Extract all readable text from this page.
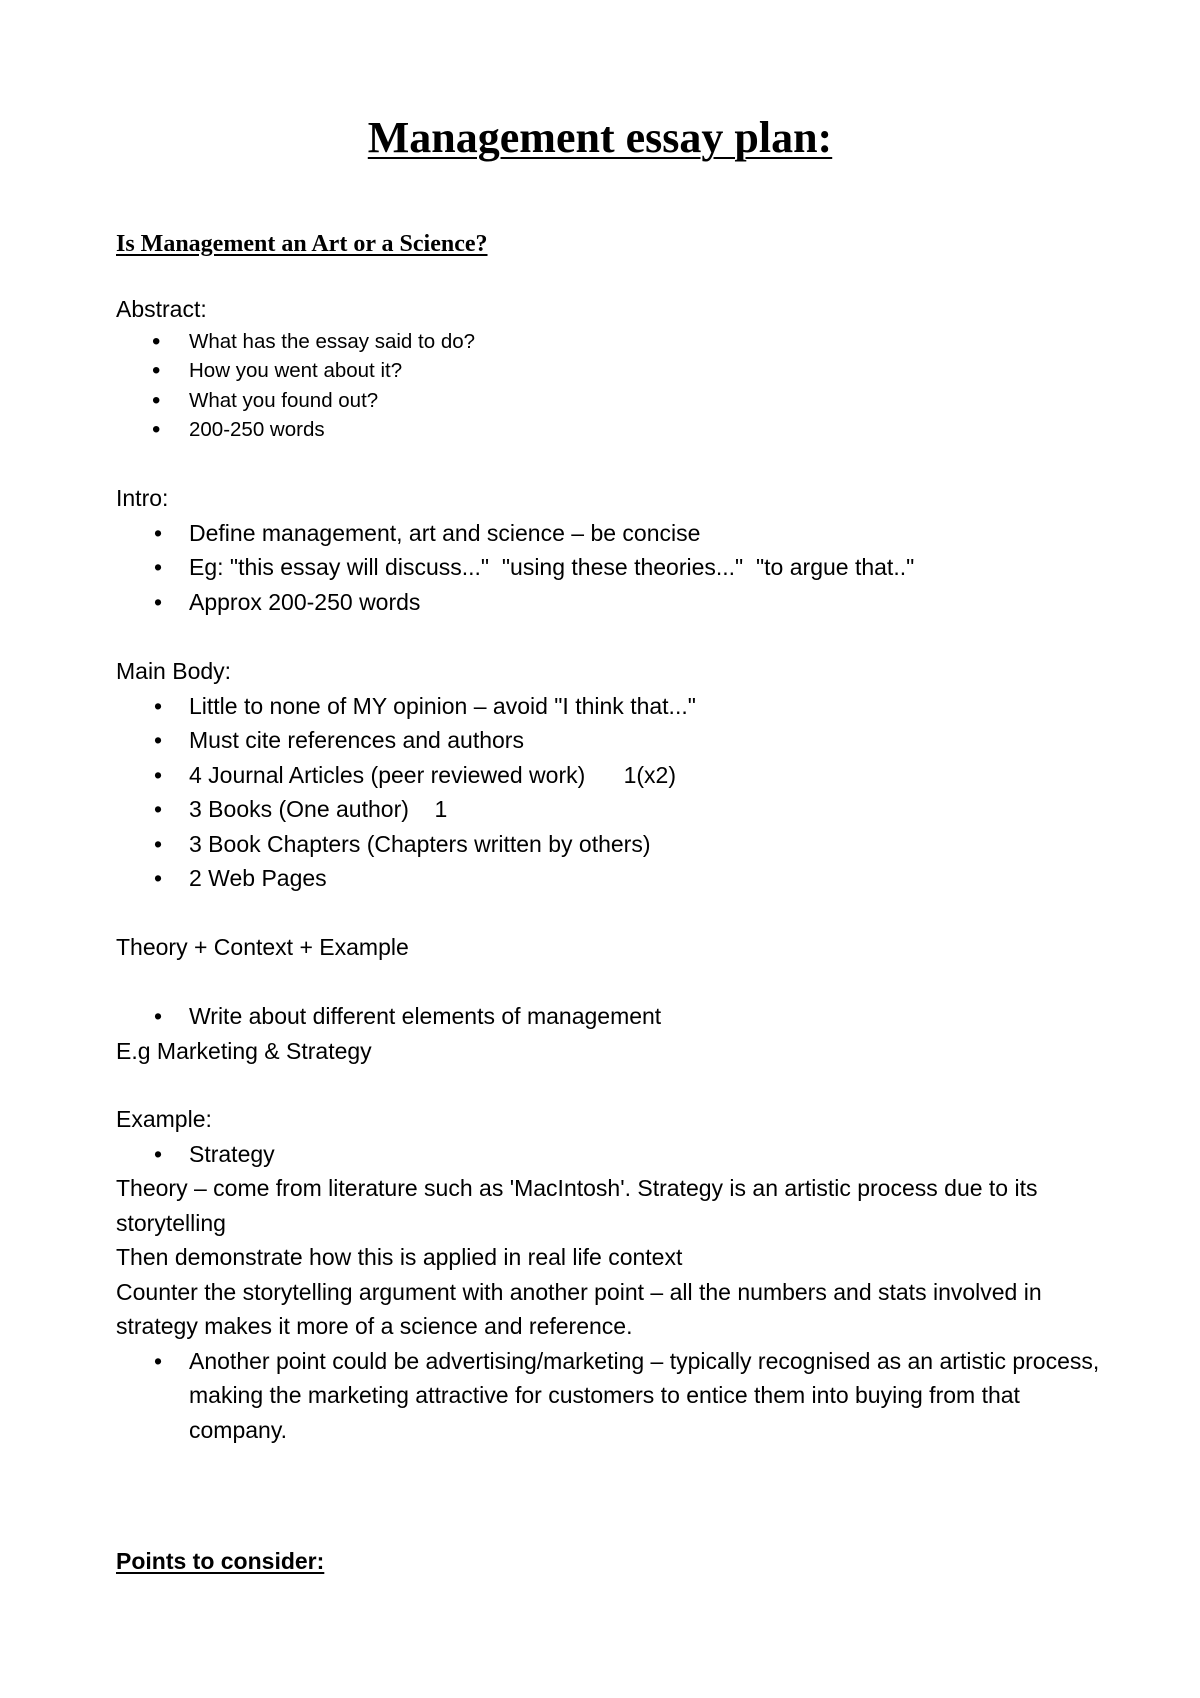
Management essay plan:
Is Management an Art or a Science?

Abstract:

• What has the essay said to do?
• How you went about it?
• What you found out?
• 200-250 words

Intro:

• Define management, art and science – be concise
• Eg: "this essay will discuss..."  "using these theories..."  "to argue that.."
• Approx 200-250 words

Main Body:

• Little to none of MY opinion – avoid "I think that..."
• Must cite references and authors
• 4 Journal Articles (peer reviewed work)      1(x2)
• 3 Books (One author)    1
• 3 Book Chapters (Chapters written by others)
• 2 Web Pages

Theory + Context + Example

• Write about different elements of management

E.g Marketing & Strategy

Example:

• Strategy

Theory – come from literature such as 'MacIntosh'. Strategy is an artistic process due to its storytelling

Then demonstrate how this is applied in real life context

Counter the storytelling argument with another point – all the numbers and stats involved in strategy makes it more of a science and reference.

• Another point could be advertising/marketing – typically recognised as an artistic process, making the marketing attractive for customers to entice them into buying from that company.

Points to consider:
